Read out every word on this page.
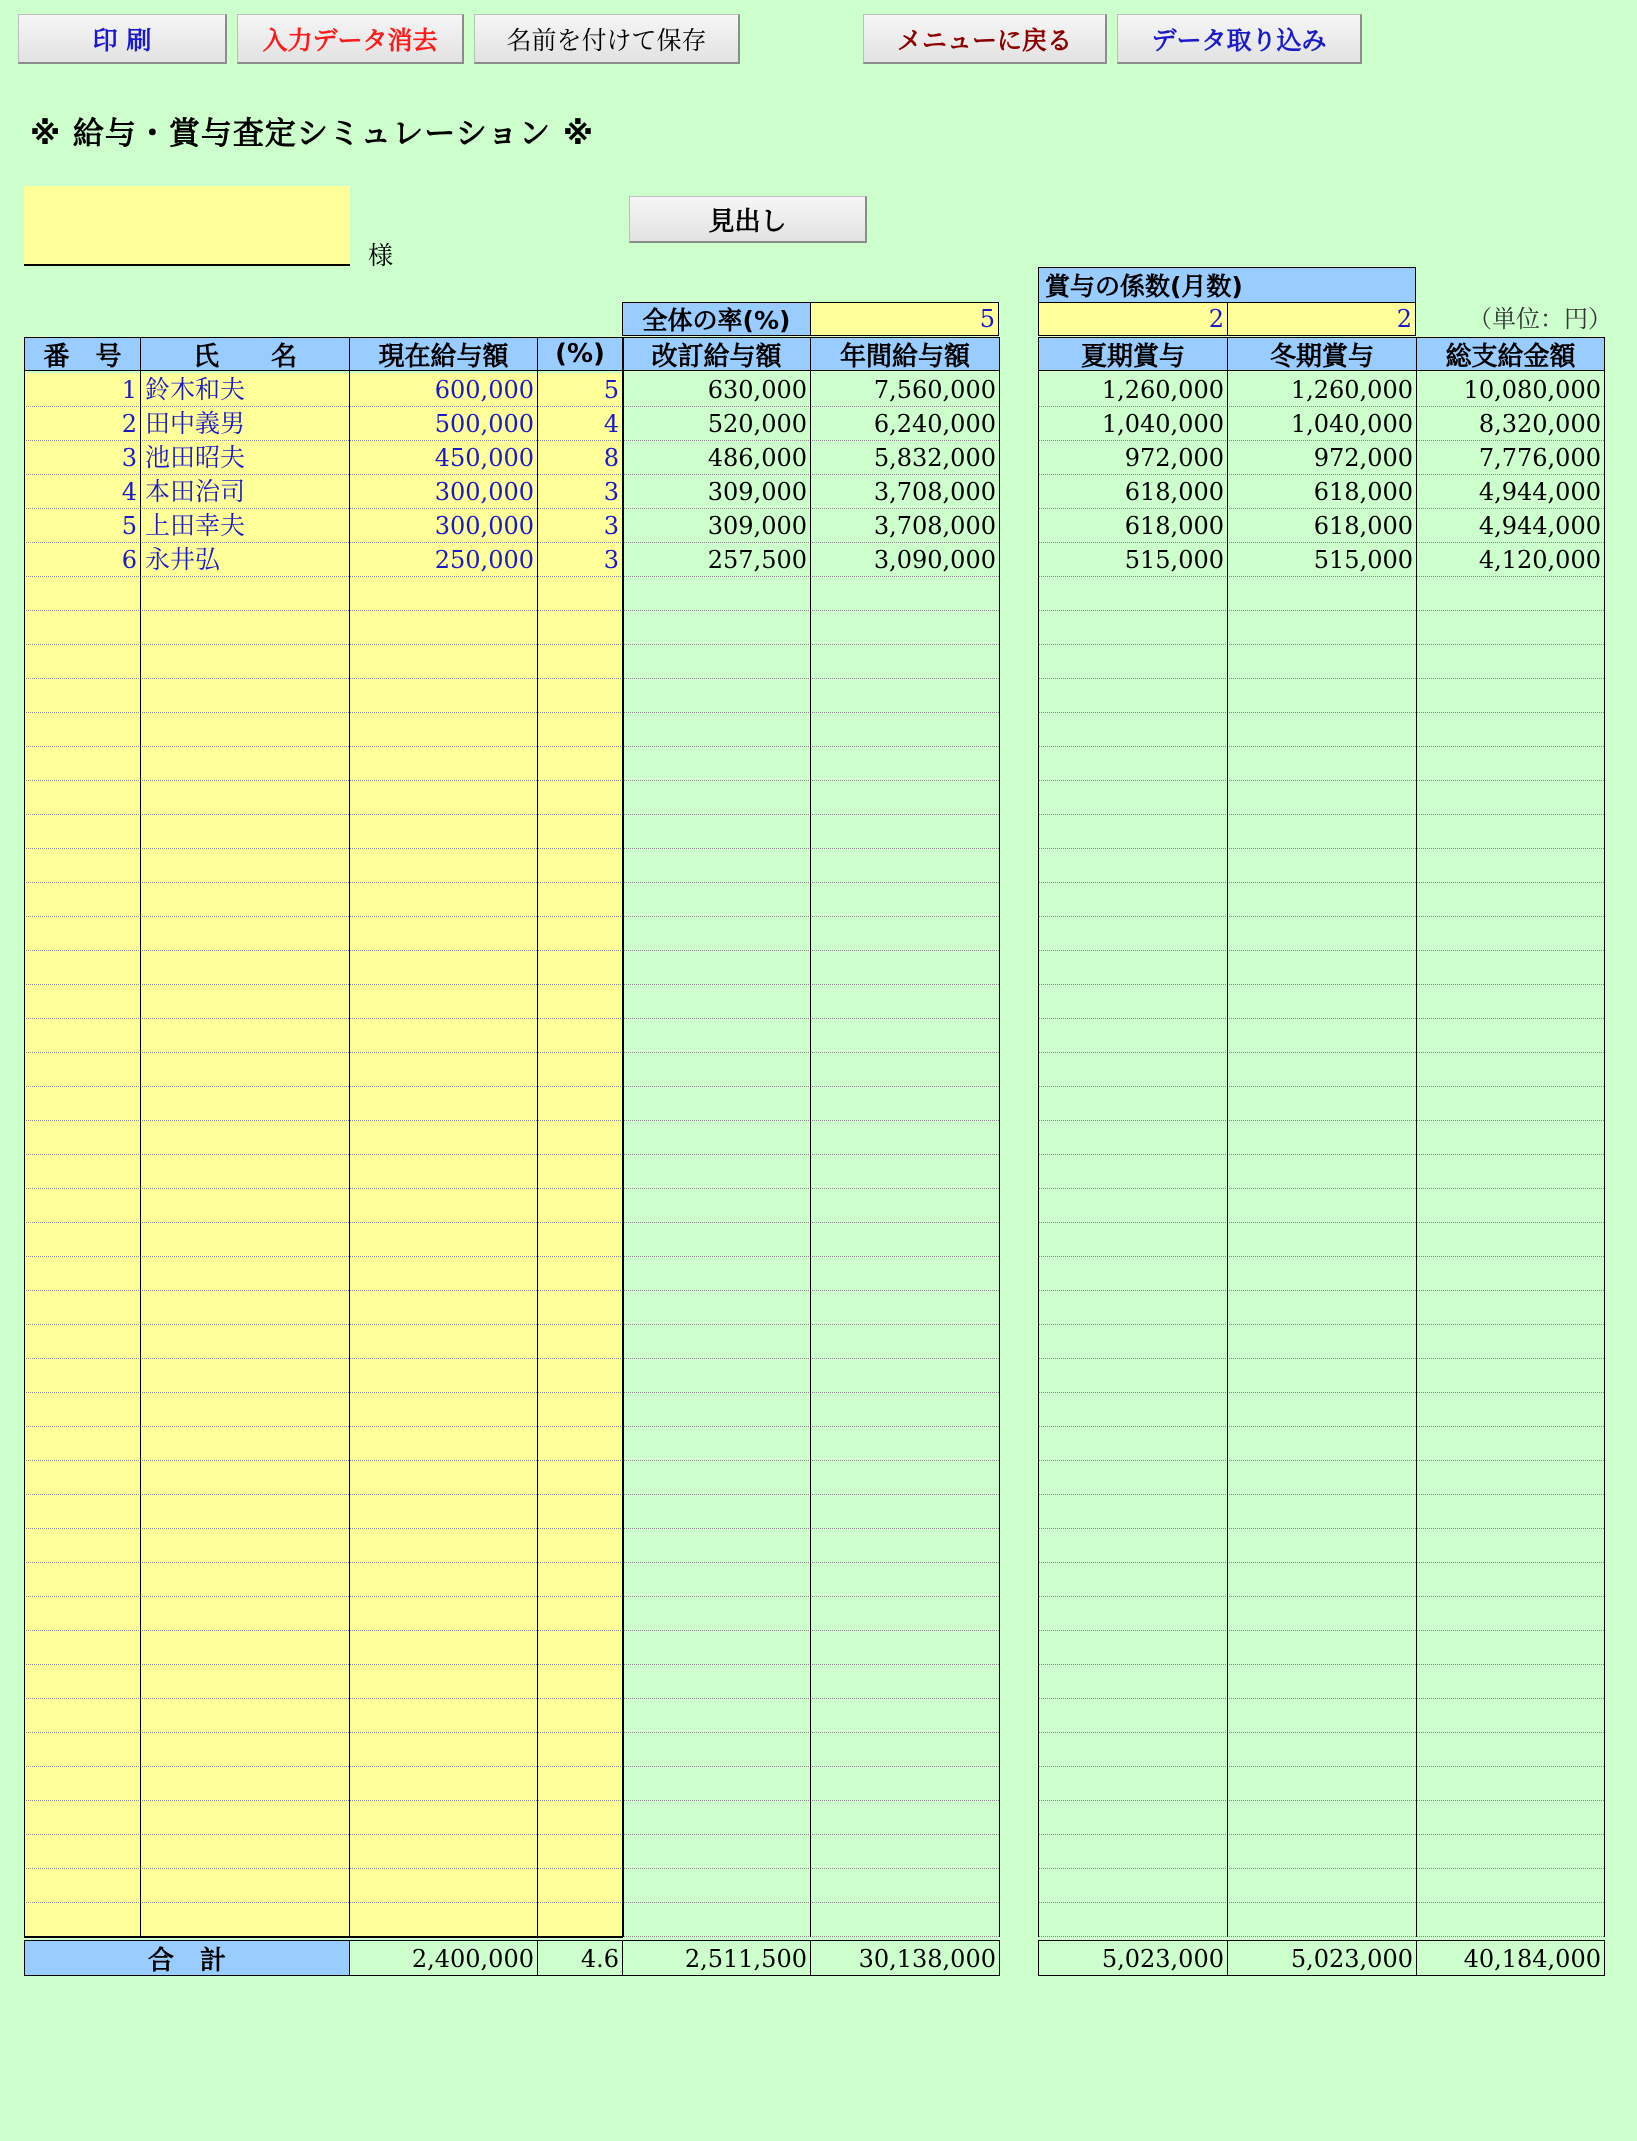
印 刷	入力データ消去	名前を付けて保存	メニューに戻る	データ取り込み
※ 給与・賞与査定シミュレーション ※
様
見出し
全体の率(%)	5
賞与の係数(月数)
2	2 （単位：円）
番　号	氏　　名	現在給与額	(%)	改訂給与額	年間給与額	夏期賞与	冬期賞与	総支給金額
1 鈴木和夫	600,000	5	630,000	7,560,000	1,260,000	1,260,000	10,080,000
2 田中義男	500,000	4	520,000	6,240,000	1,040,000	1,040,000	8,320,000
3 池田昭夫	450,000	8	486,000	5,832,000	972,000	972,000	7,776,000
4 本田治司	300,000	3	309,000	3,708,000	618,000	618,000	4,944,000
5 上田幸夫	300,000	3	309,000	3,708,000	618,000	618,000	4,944,000
6 永井弘	250,000	3	257,500	3,090,000	515,000	515,000	4,120,000
合　計	2,400,000	4.6	2,511,500	30,138,000	5,023,000	5,023,000	40,184,000
